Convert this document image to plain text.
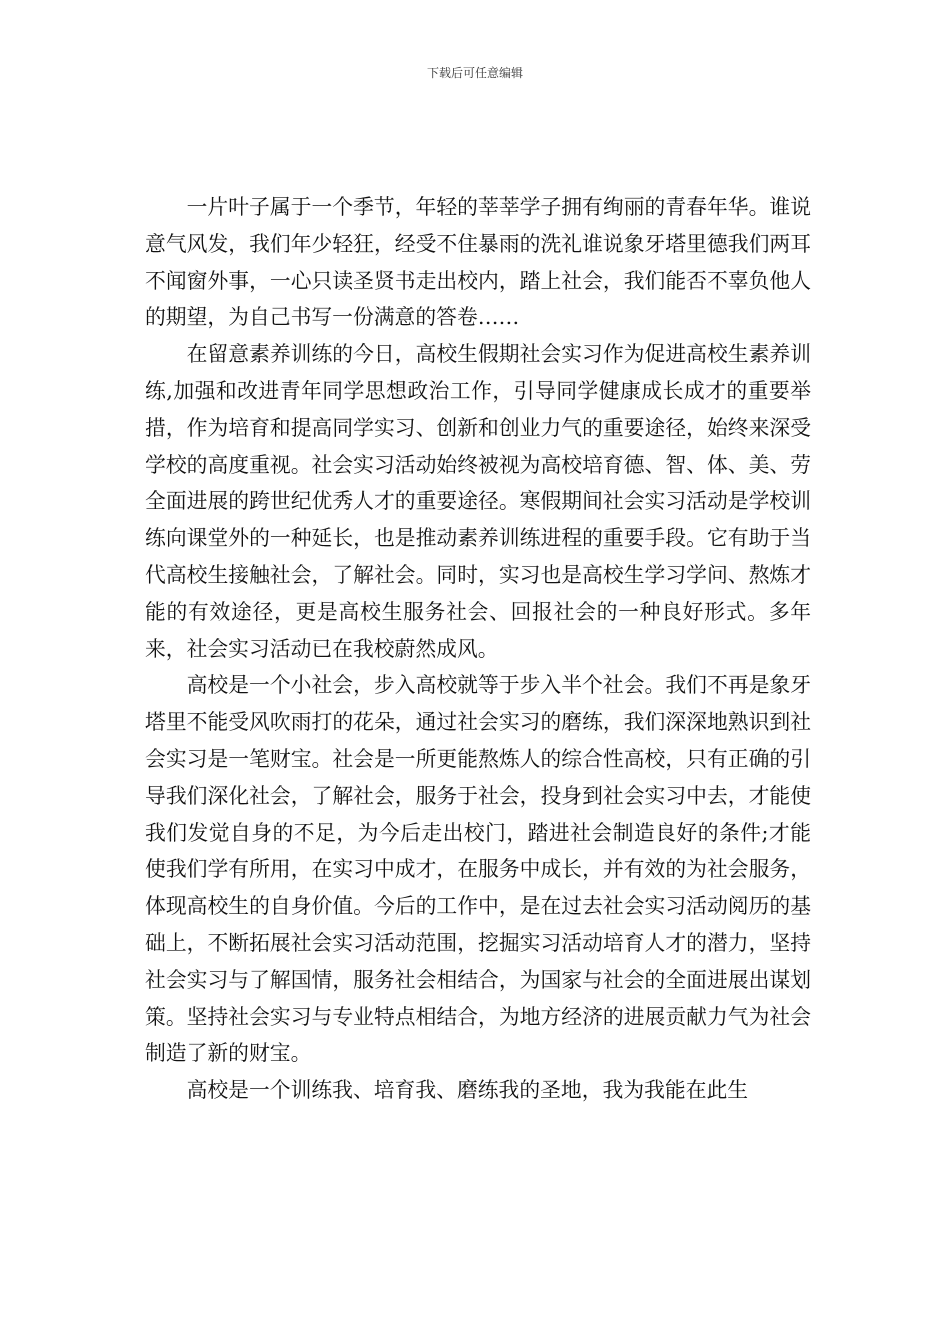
下载后可任意编辑

一片叶子属于一个季节，年轻的莘莘学子拥有绚丽的青春年华。谁说意气风发，我们年少轻狂，经受不住暴雨的洗礼谁说象牙塔里德我们两耳不闻窗外事，一心只读圣贤书走出校内，踏上社会，我们能否不辜负他人的期望，为自己书写一份满意的答卷……

在留意素养训练的今日，高校生假期社会实习作为促进高校生素养训练,加强和改进青年同学思想政治工作，引导同学健康成长成才的重要举措，作为培育和提高同学实习、创新和创业力气的重要途径，始终来深受学校的高度重视。社会实习活动始终被视为高校培育德、智、体、美、劳全面进展的跨世纪优秀人才的重要途径。寒假期间社会实习活动是学校训练向课堂外的一种延长，也是推动素养训练进程的重要手段。它有助于当代高校生接触社会，了解社会。同时，实习也是高校生学习学问、熬炼才能的有效途径，更是高校生服务社会、回报社会的一种良好形式。多年来，社会实习活动已在我校蔚然成风。

高校是一个小社会，步入高校就等于步入半个社会。我们不再是象牙塔里不能受风吹雨打的花朵，通过社会实习的磨练，我们深深地熟识到社会实习是一笔财宝。社会是一所更能熬炼人的综合性高校，只有正确的引导我们深化社会，了解社会，服务于社会，投身到社会实习中去，才能使我们发觉自身的不足，为今后走出校门，踏进社会制造良好的条件;才能使我们学有所用，在实习中成才，在服务中成长，并有效的为社会服务，体现高校生的自身价值。今后的工作中，是在过去社会实习活动阅历的基础上，不断拓展社会实习活动范围，挖掘实习活动培育人才的潜力，坚持社会实习与了解国情，服务社会相结合，为国家与社会的全面进展出谋划策。坚持社会实习与专业特点相结合，为地方经济的进展贡献力气为社会制造了新的财宝。

高校是一个训练我、培育我、磨练我的圣地，我为我能在此生
